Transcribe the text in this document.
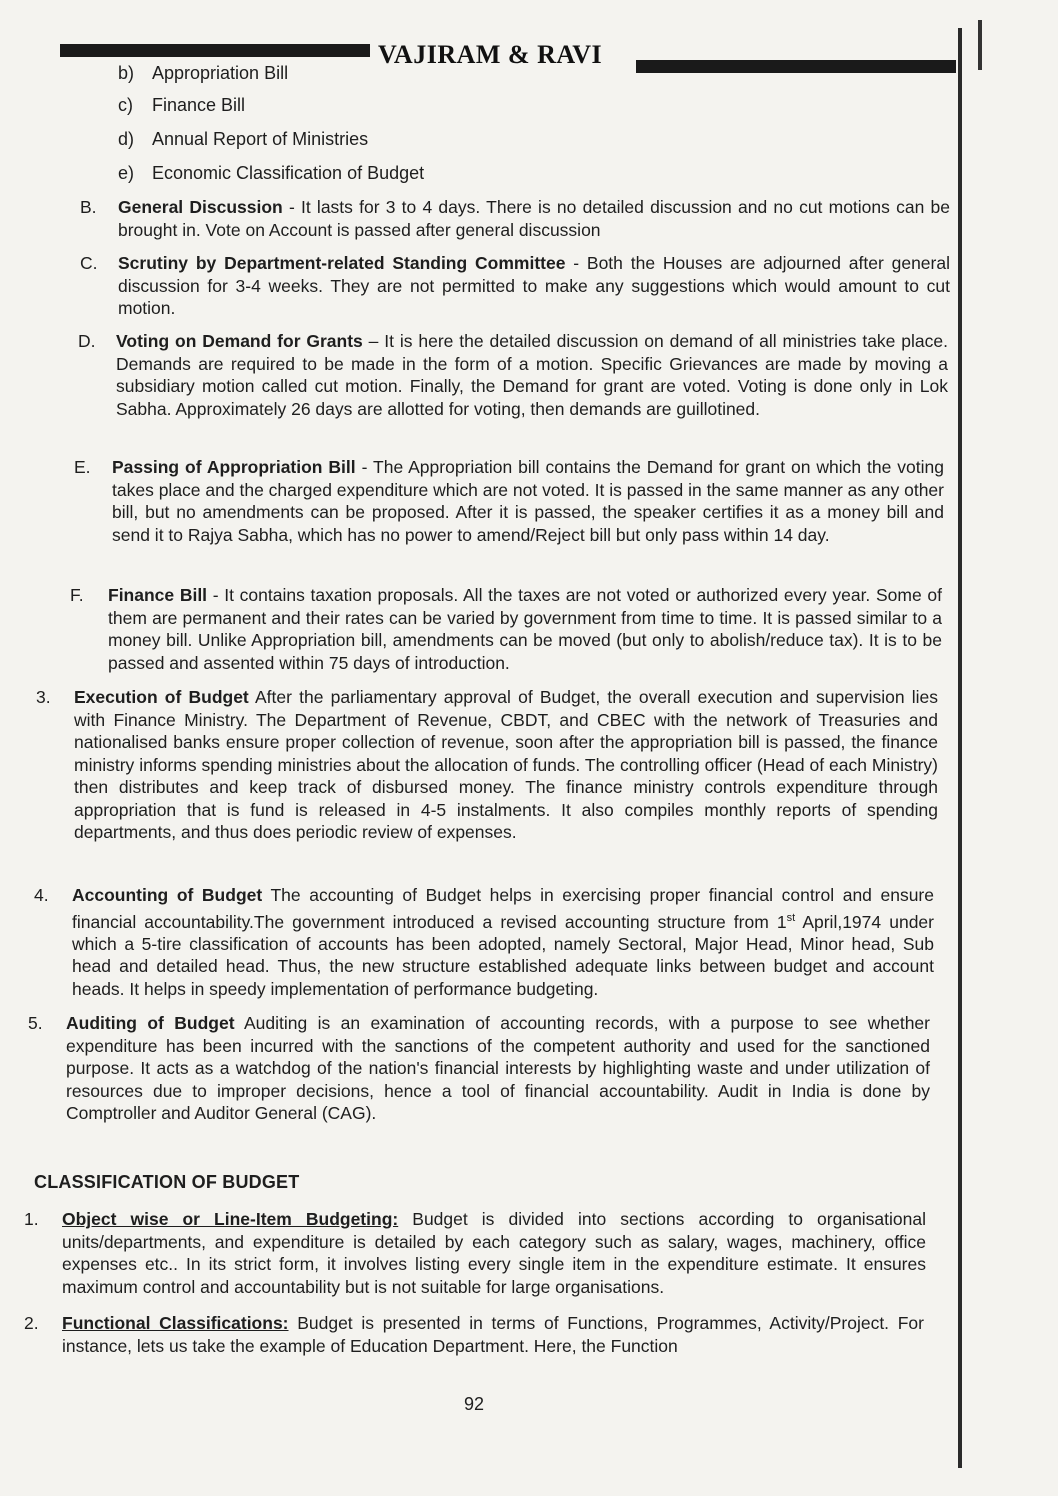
VAJIRAM & RAVI
b) Appropriation Bill
c) Finance Bill
d) Annual Report of Ministries
e) Economic Classification of Budget
B. General Discussion - It lasts for 3 to 4 days. There is no detailed discussion and no cut motions can be brought in. Vote on Account is passed after general discussion
C. Scrutiny by Department-related Standing Committee - Both the Houses are adjourned after general discussion for 3-4 weeks. They are not permitted to make any suggestions which would amount to cut motion.
D. Voting on Demand for Grants – It is here the detailed discussion on demand of all ministries take place. Demands are required to be made in the form of a motion. Specific Grievances are made by moving a subsidiary motion called cut motion. Finally, the Demand for grant are voted. Voting is done only in Lok Sabha. Approximately 26 days are allotted for voting, then demands are guillotined.
E. Passing of Appropriation Bill - The Appropriation bill contains the Demand for grant on which the voting takes place and the charged expenditure which are not voted. It is passed in the same manner as any other bill, but no amendments can be proposed. After it is passed, the speaker certifies it as a money bill and send it to Rajya Sabha, which has no power to amend/Reject bill but only pass within 14 day.
F. Finance Bill - It contains taxation proposals. All the taxes are not voted or authorized every year. Some of them are permanent and their rates can be varied by government from time to time. It is passed similar to a money bill. Unlike Appropriation bill, amendments can be moved (but only to abolish/reduce tax). It is to be passed and assented within 75 days of introduction.
3. Execution of Budget After the parliamentary approval of Budget, the overall execution and supervision lies with Finance Ministry. The Department of Revenue, CBDT, and CBEC with the network of Treasuries and nationalised banks ensure proper collection of revenue, soon after the appropriation bill is passed, the finance ministry informs spending ministries about the allocation of funds. The controlling officer (Head of each Ministry) then distributes and keep track of disbursed money. The finance ministry controls expenditure through appropriation that is fund is released in 4-5 instalments. It also compiles monthly reports of spending departments, and thus does periodic review of expenses.
4. Accounting of Budget The accounting of Budget helps in exercising proper financial control and ensure financial accountability.The government introduced a revised accounting structure from 1st April,1974 under which a 5-tire classification of accounts has been adopted, namely Sectoral, Major Head, Minor head, Sub head and detailed head. Thus, the new structure established adequate links between budget and account heads. It helps in speedy implementation of performance budgeting.
5. Auditing of Budget Auditing is an examination of accounting records, with a purpose to see whether expenditure has been incurred with the sanctions of the competent authority and used for the sanctioned purpose. It acts as a watchdog of the nation's financial interests by highlighting waste and under utilization of resources due to improper decisions, hence a tool of financial accountability. Audit in India is done by Comptroller and Auditor General (CAG).
CLASSIFICATION OF BUDGET
1. Object wise or Line-Item Budgeting: Budget is divided into sections according to organisational units/departments, and expenditure is detailed by each category such as salary, wages, machinery, office expenses etc.. In its strict form, it involves listing every single item in the expenditure estimate. It ensures maximum control and accountability but is not suitable for large organisations.
2. Functional Classifications: Budget is presented in terms of Functions, Programmes, Activity/Project. For instance, lets us take the example of Education Department. Here, the Function
92
